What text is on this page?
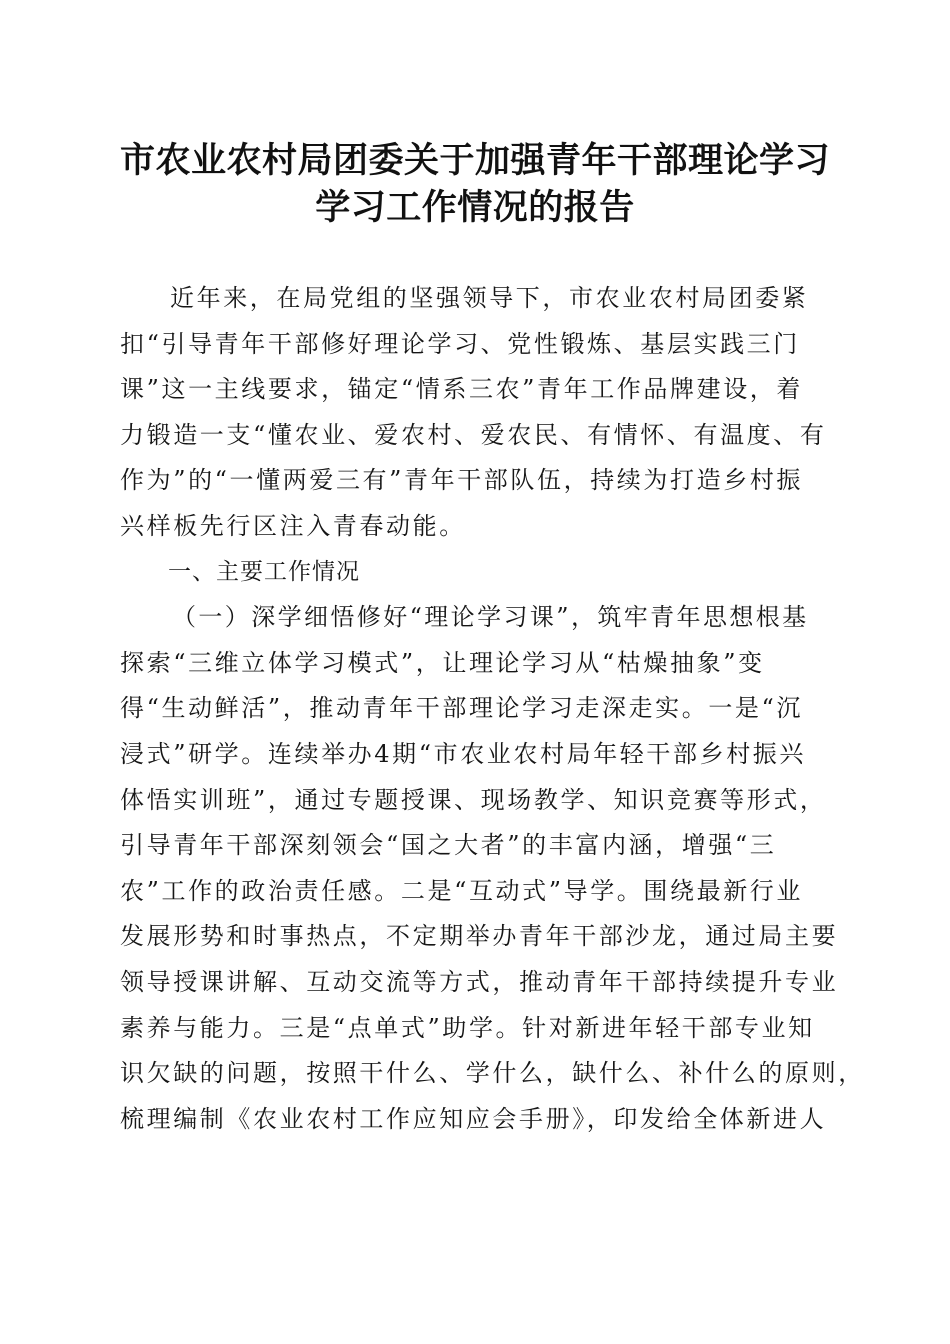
市农业农村局团委关于加强青年干部理论学习
学习工作情况的报告
近年来，在局党组的坚强领导下，市农业农村局团委紧
扣“引导青年干部修好理论学习、党性锻炼、基层实践三门
课”这一主线要求，锚定“情系三农”青年工作品牌建设，着
力锻造一支“懂农业、爱农村、爱农民、有情怀、有温度、有
作为”的“一懂两爱三有”青年干部队伍，持续为打造乡村振
兴样板先行区注入青春动能。
一、主要工作情况
（一）深学细悟修好“理论学习课”，筑牢青年思想根基
探索“三维立体学习模式”，让理论学习从“枯燥抽象”变
得“生动鲜活”，推动青年干部理论学习走深走实。一是“沉
浸式”研学。连续举办4期“市农业农村局年轻干部乡村振兴
体悟实训班”，通过专题授课、现场教学、知识竞赛等形式，
引导青年干部深刻领会“国之大者”的丰富内涵，增强“三
农”工作的政治责任感。二是“互动式”导学。围绕最新行业
发展形势和时事热点，不定期举办青年干部沙龙，通过局主要
领导授课讲解、互动交流等方式，推动青年干部持续提升专业
素养与能力。三是“点单式”助学。针对新进年轻干部专业知
识欠缺的问题，按照干什么、学什么，缺什么、补什么的原则，
梳理编制《农业农村工作应知应会手册》，印发给全体新进人
